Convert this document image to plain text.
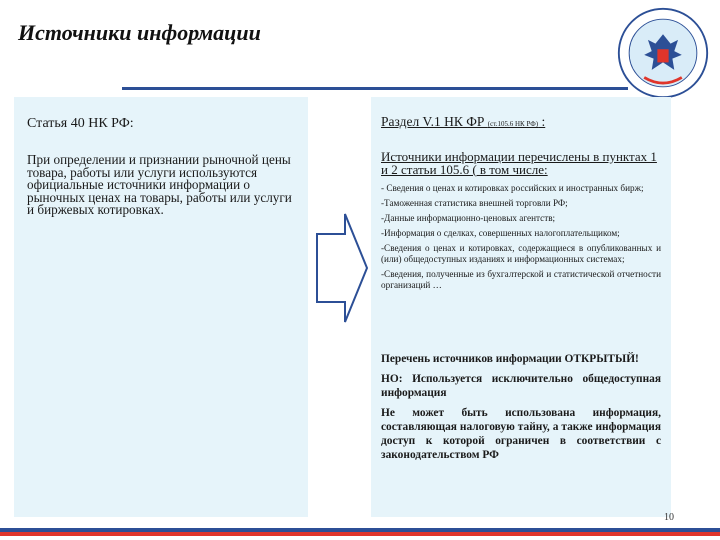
Источники информации
Статья 40 НК РФ:
При определении и признании рыночной цены товара, работы или услуги используются официальные источники информации о рыночных ценах на товары, работы или услуги и биржевых котировках.
Раздел V.1 НК ФР (ст.105.6 НК РФ) :
Источники информации перечислены в пунктах 1 и 2 статьи 105.6 ( в том числе:
- Сведения о ценах и котировках российских и иностранных бирж;
-Таможенная статистика внешней торговли РФ;
-Данные информационно-ценовых агентств;
-Информация о сделках, совершенных налогоплательщиком;
-Сведения о ценах и котировках, содержащиеся в опубликованных и (или) общедоступных изданиях и информационных системах;
-Сведения, полученные из бухгалтерской и статистической отчетности организаций …
Перечень источников информации ОТКРЫТЫЙ!
НО: Используется исключительно общедоступная информация
Не может быть использована информация, составляющая налоговую тайну, а также информация доступ к которой ограничен в соответствии с законодательством РФ
10
